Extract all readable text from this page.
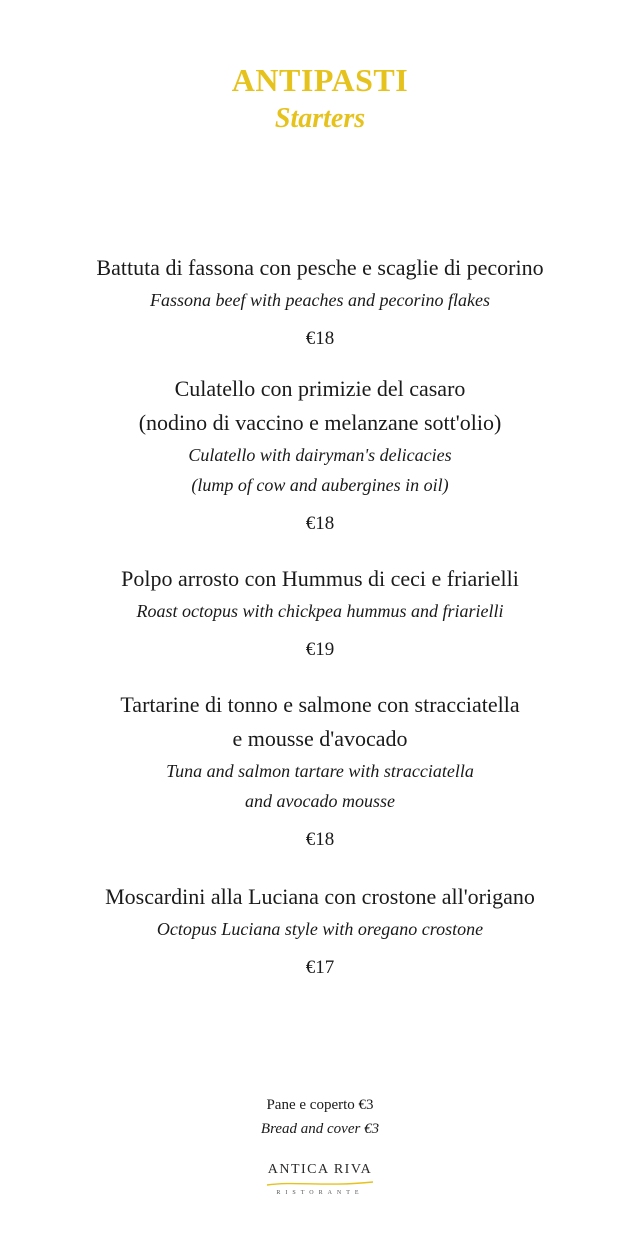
ANTIPASTI
Starters
Battuta di fassona con pesche e scaglie di pecorino
Fassona beef with peaches and pecorino flakes
€18
Culatello con primizie del casaro
(nodino di vaccino e melanzane sott'olio)
Culatello with dairyman's delicacies
(lump of cow and aubergines in oil)
€18
Polpo arrosto con Hummus di ceci e friarielli
Roast octopus with chickpea hummus and friarielli
€19
Tartarine di tonno e salmone con stracciatella
e mousse d'avocado
Tuna and salmon tartare with stracciatella
and avocado mousse
€18
Moscardini alla Luciana con crostone all'origano
Octopus Luciana style with oregano crostone
€17
Pane e coperto €3
Bread and cover €3
ANTICA RIVA
RISTORANTE
